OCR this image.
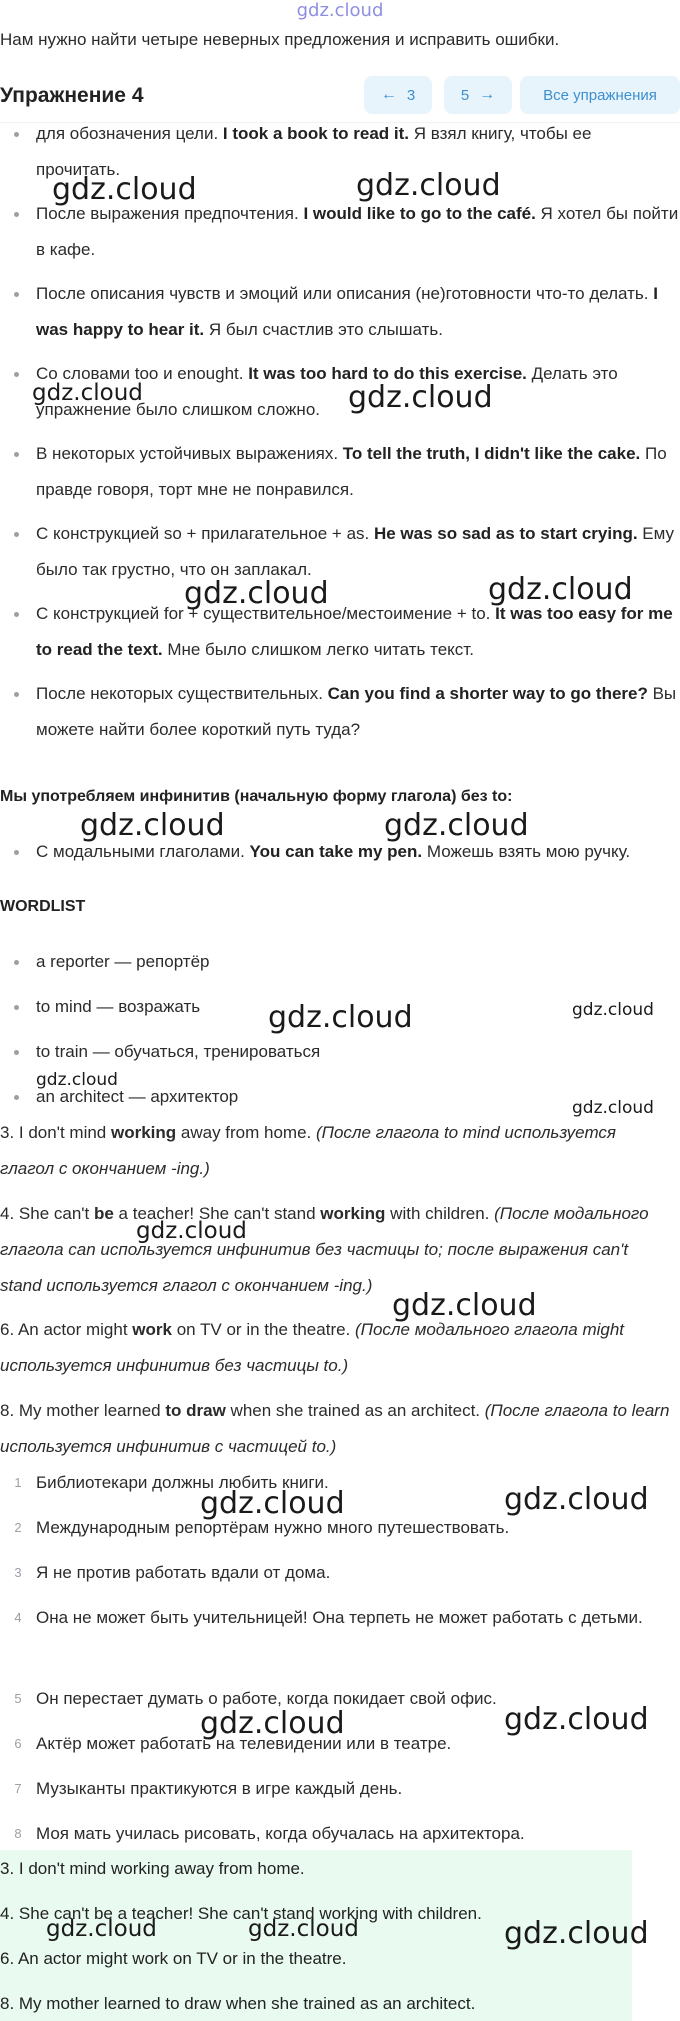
gdz.cloud
Нам нужно найти четыре неверных предложения и исправить ошибки.
Упражнение 4	← 3	5 →	Все упражнения
для обозначения цели. I took a book to read it. Я взял книгу, чтобы ее прочитать.
После выражения предпочтения. I would like to go to the café. Я хотел бы пойти в кафе.
После описания чувств и эмоций или описания (не)готовности что-то делать. I was happy to hear it. Я был счастлив это слышать.
Со словами too и enought. It was too hard to do this exercise. Делать это упражнение было слишком сложно.
В некоторых устойчивых выражениях. To tell the truth, I didn't like the cake. По правде говоря, торт мне не понравился.
С конструкцией so + прилагательное + as. He was so sad as to start crying. Ему было так грустно, что он заплакал.
С конструкцией for + существительное/местоимение + to. It was too easy for me to read the text. Мне было слишком легко читать текст.
После некоторых существительных. Can you find a shorter way to go there? Вы можете найти более короткий путь туда?
Мы употребляем инфинитив (начальную форму глагола) без to:
С модальными глаголами. You can take my pen. Можешь взять мою ручку.
WORDLIST
a reporter — репортёр
to mind — возражать
to train — обучаться, тренироваться
an architect — архитектор
3. I don't mind working away from home. (После глагола to mind используется глагол с окончанием -ing.)
4. She can't be a teacher! She can't stand working with children. (После модального глагола can используется инфинитив без частицы to; после выражения can't stand используется глагол с окончанием -ing.)
6. An actor might work on TV or in the theatre. (После модального глагола might используется инфинитив без частицы to.)
8. My mother learned to draw when she trained as an architect. (После глагола to learn используется инфинитив с частицей to.)
1 Библиотекари должны любить книги.
2 Международным репортёрам нужно много путешествовать.
3 Я не против работать вдали от дома.
4 Она не может быть учительницей! Она терпеть не может работать с детьми.
5 Он перестает думать о работе, когда покидает свой офис.
6 Актёр может работать на телевидении или в театре.
7 Музыканты практикуются в игре каждый день.
8 Моя мать училась рисовать, когда обучалась на архитектора.
3. I don't mind working away from home.
4. She can't be a teacher! She can't stand working with children.
6. An actor might work on TV or in the theatre.
8. My mother learned to draw when she trained as an architect.
gdz.cloud	gdz.cloud
gdz.cloud	gdz.cloud
gdz.cloud	gdz.cloud
gdz.cloud	gdz.cloud
gdz.cloud	gdz.cloud
gdz.cloud
gdz.cloud
gdz.cloud
gdz.cloud
gdz.cloud	gdz.cloud
gdz.cloud	gdz.cloud
gdz.cloud	gdz.cloud	gdz.cloud
